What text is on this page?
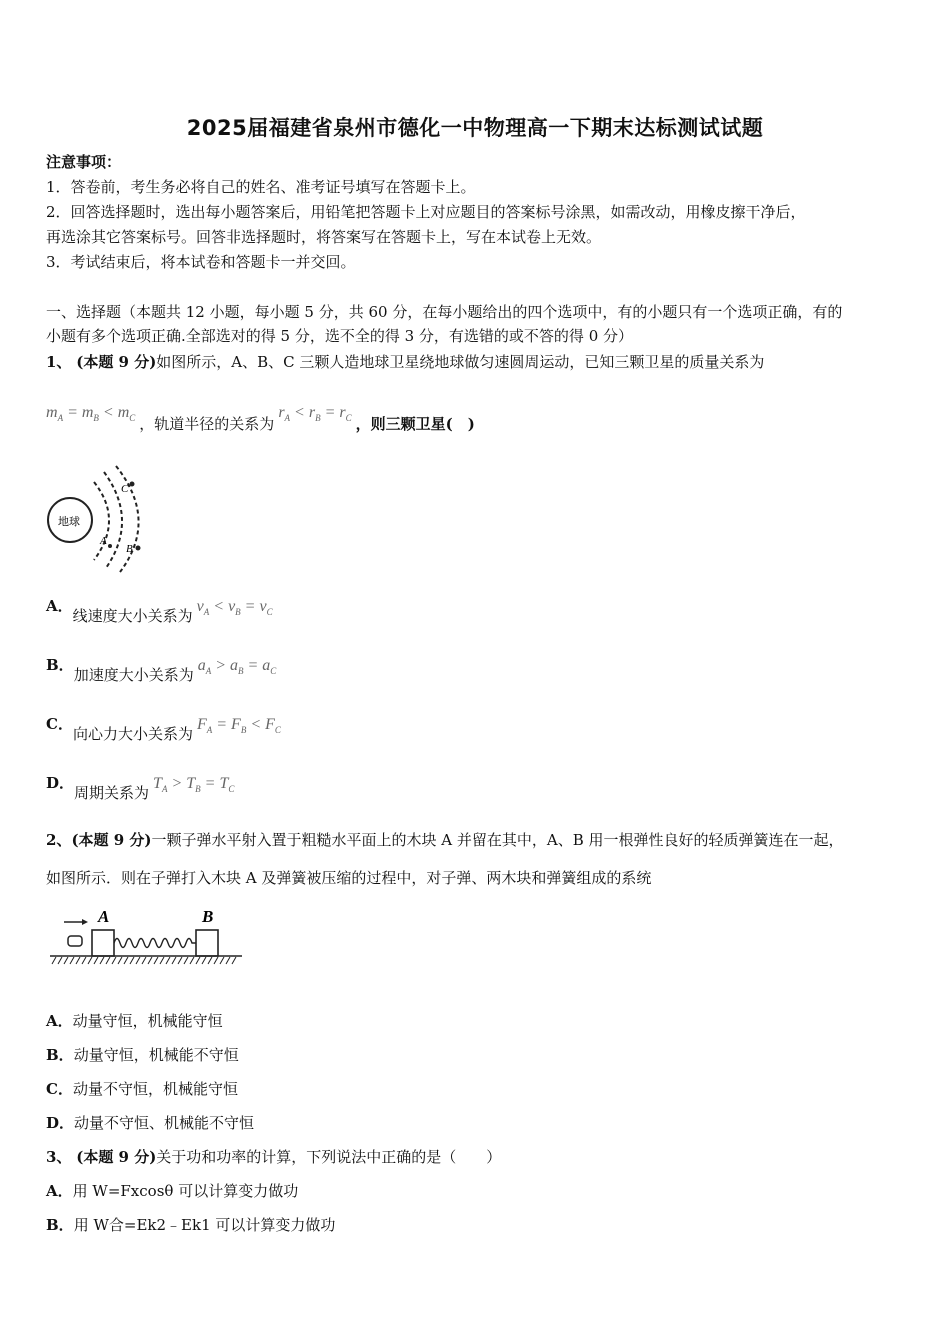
2025届福建省泉州市德化一中物理高一下期末达标测试试题
注意事项：
1．答卷前，考生务必将自己的姓名、准考证号填写在答题卡上。
2．回答选择题时，选出每小题答案后，用铅笔把答题卡上对应题目的答案标号涂黑，如需改动，用橡皮擦干净后，
再选涂其它答案标号。回答非选择题时，将答案写在答题卡上，写在本试卷上无效。
3．考试结束后，将本试卷和答题卡一并交回。
一、选择题（本题共 12 小题，每小题 5 分，共 60 分，在每小题给出的四个选项中，有的小题只有一个选项正确，有的
小题有多个选项正确.全部选对的得 5 分，选不全的得 3 分，有选错的或不答的得 0 分）
1、 (本题 9 分)如图所示，A、B、C 三颗人造地球卫星绕地球做匀速圆周运动，已知三颗卫星的质量关系为
$m_A = m_B < m_C$ ，轨道半径的关系为 $r_A < r_B = r_C$ ，则三颗卫星(　)
地球
A
B
C
A．线速度大小关系为 $v_A < v_B = v_C$
B．加速度大小关系为 $a_A > a_B = a_C$
C．向心力大小关系为 $F_A = F_B < F_C$
D．周期关系为 $T_A > T_B = T_C$
2、(本题 9 分)一颗子弹水平射入置于粗糙水平面上的木块 A 并留在其中，A、B 用一根弹性良好的轻质弹簧连在一起，
如图所示．则在子弹打入木块 A 及弹簧被压缩的过程中，对子弹、两木块和弹簧组成的系统
A	B
A．动量守恒，机械能守恒
B．动量守恒，机械能不守恒
C．动量不守恒，机械能守恒
D．动量不守恒、机械能不守恒
3、 (本题 9 分)关于功和功率的计算，下列说法中正确的是（　　）
A．用 W=Fxcosθ 可以计算变力做功
B．用 W合=Ek2﹣Ek1 可以计算变力做功
